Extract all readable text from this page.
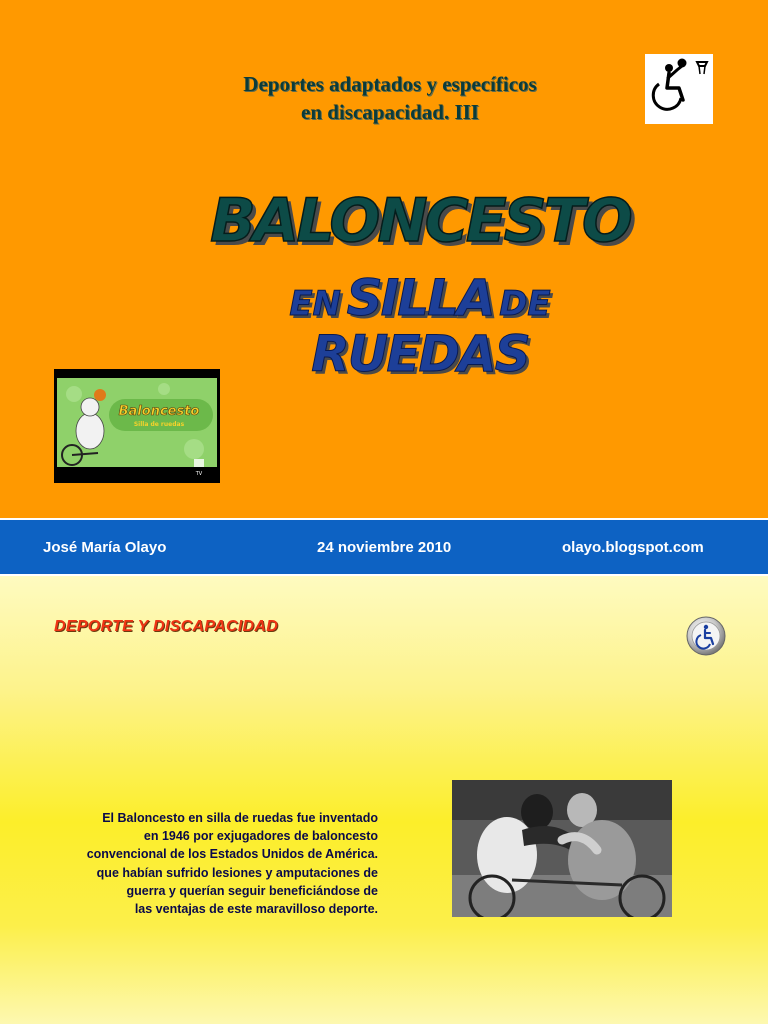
Deportes adaptados y específicos
en discapacidad. III
BALONCESTO
EN SILLA DE
RUEDAS
Baloncesto
Silla de ruedas
TV
José María Olayo	24 noviembre 2010	olayo.blogspot.com
DEPORTE Y DISCAPACIDAD
El Baloncesto en silla de ruedas fue inventado
en 1946 por exjugadores de baloncesto
convencional de los Estados Unidos de América.
que habían sufrido lesiones y amputaciones de
guerra y querían seguir beneficiándose de
las ventajas de este maravilloso deporte.
